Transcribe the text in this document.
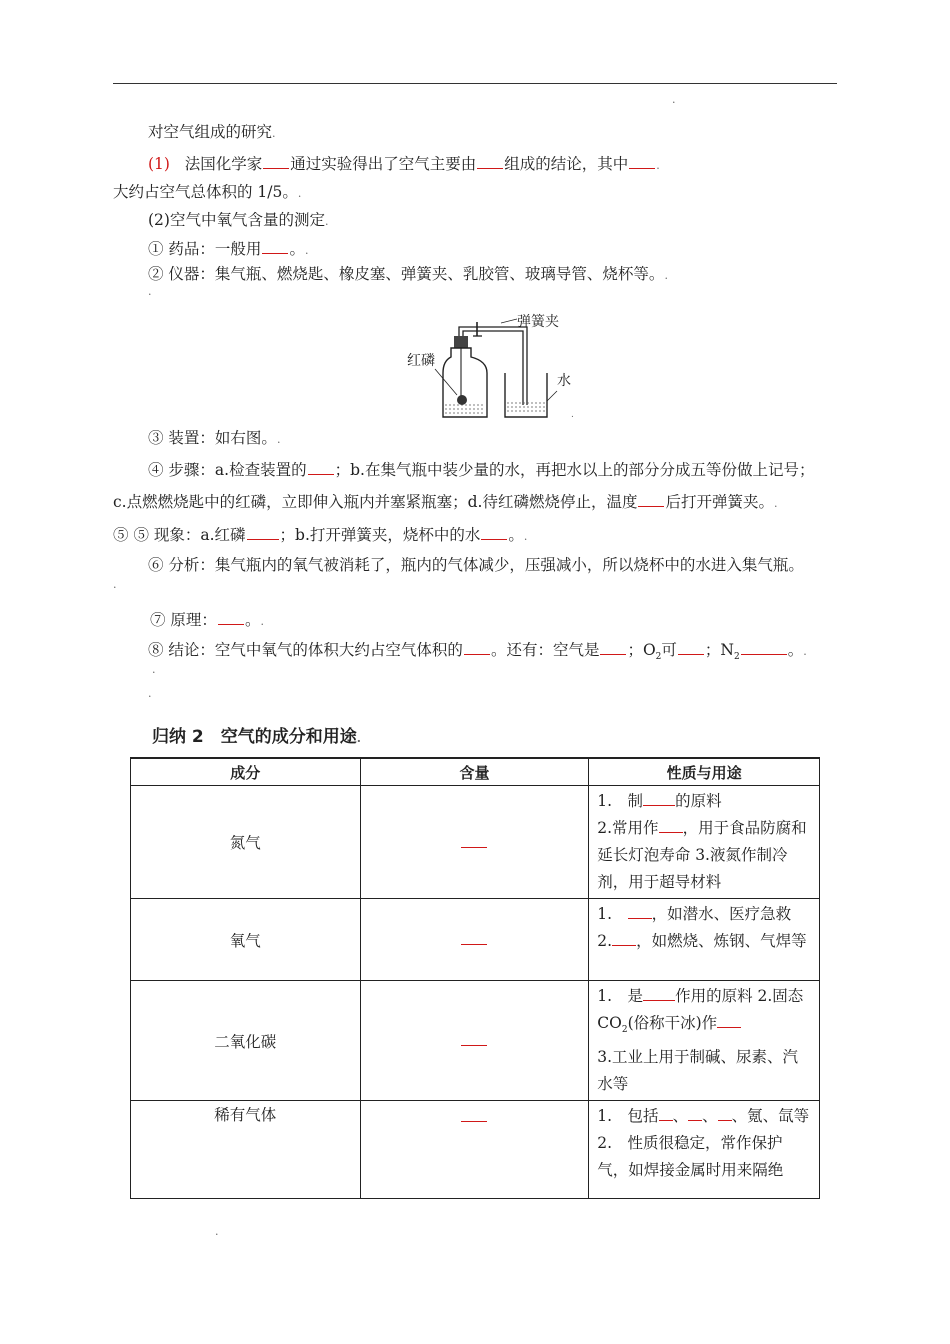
.
对空气组成的研究.
(1) 法国化学家 通过实验得出了空气主要由 组成的结论，其中	.
大约占空气总体积的 1/5。.
(2)空气中氧气含量的测定.
① 药品：一般用 。.
② 仪器：集气瓶、燃烧匙、橡皮塞、弹簧夹、乳胶管、玻璃导管、烧杯等。.
.
弹簧夹
红磷
水
.
③ 装置：如右图。.
④ 步骤：a.检查装置的 ；b.在集气瓶中装少量的水，再把水以上的部分分成五等份做上记号；
c.点燃燃烧匙中的红磷，立即伸入瓶内并塞紧瓶塞；d.待红磷燃烧停止，温度 后打开弹簧夹。.
⑤ ⑤ 现象：a.红磷 ；b.打开弹簧夹，烧杯中的水 。.
⑥ 分析：集气瓶内的氧气被消耗了，瓶内的气体减少，压强减小，所以烧杯中的水进入集气瓶。
.
⑦ 原理： 。.
⑧ 结论：空气中氧气的体积大约占空气体积的 。还有：空气是 ；$O_2$可 ；$N_2$	。.
.
.
归纳 2　空气的成分和用途.
成分	含量	性质与用途
氮气		1.　制 的原料
2.常用作 ，用于食品防腐和延长灯泡寿命 3.液氮作制冷剂，用于超导材料
氧气		1.　，如潜水、医疗急救
2. ，如燃烧、炼钢、气焊等
二氧化碳		1.　是 作用的原料 2.固态 $CO_2$(俗称干冰)作
3.工业上用于制碱、尿素、汽水等
稀有气体		1.　包括 、 、 、氪、氙等
2.　性质很稳定，常作保护气，如焊接金属时用来隔绝
.
